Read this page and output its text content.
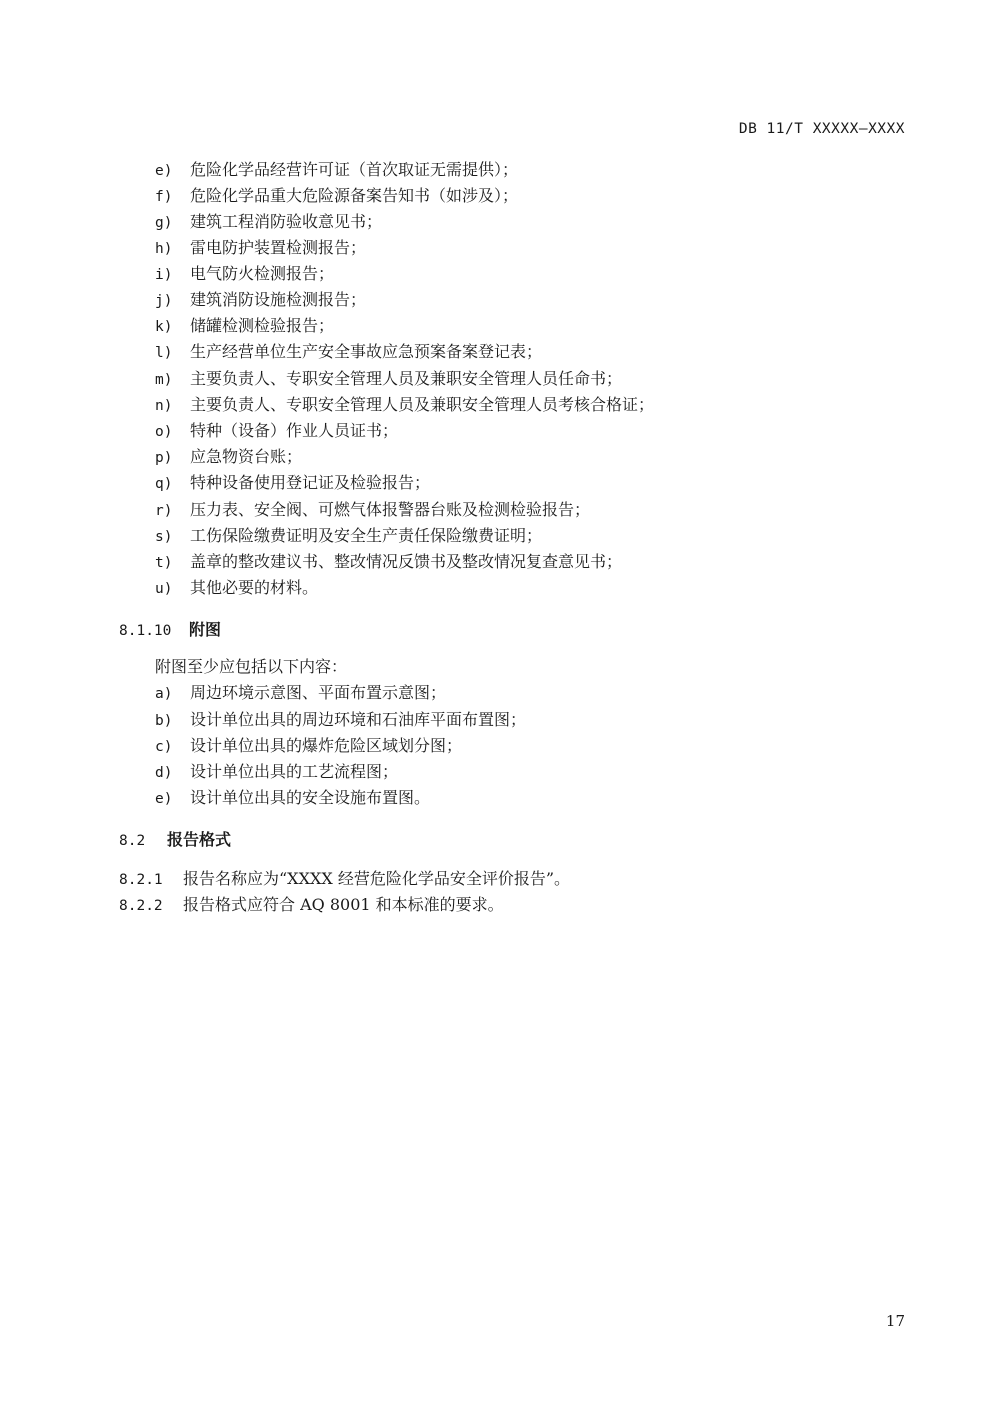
DB 11/T XXXXX—XXXX
e) 危险化学品经营许可证（首次取证无需提供）；
f) 危险化学品重大危险源备案告知书（如涉及）；
g) 建筑工程消防验收意见书；
h) 雷电防护装置检测报告；
i) 电气防火检测报告；
j) 建筑消防设施检测报告；
k) 储罐检测检验报告；
l) 生产经营单位生产安全事故应急预案备案登记表；
m) 主要负责人、专职安全管理人员及兼职安全管理人员任命书；
n) 主要负责人、专职安全管理人员及兼职安全管理人员考核合格证；
o) 特种（设备）作业人员证书；
p) 应急物资台账；
q) 特种设备使用登记证及检验报告；
r) 压力表、安全阀、可燃气体报警器台账及检测检验报告；
s) 工伤保险缴费证明及安全生产责任保险缴费证明；
t) 盖章的整改建议书、整改情况反馈书及整改情况复查意见书；
u) 其他必要的材料。
8.1.10 附图
附图至少应包括以下内容：
a) 周边环境示意图、平面布置示意图；
b) 设计单位出具的周边环境和石油库平面布置图；
c) 设计单位出具的爆炸危险区域划分图；
d) 设计单位出具的工艺流程图；
e) 设计单位出具的安全设施布置图。
8.2 报告格式
8.2.1 报告名称应为“XXXX 经营危险化学品安全评价报告”。
8.2.2 报告格式应符合 AQ 8001 和本标准的要求。
17
